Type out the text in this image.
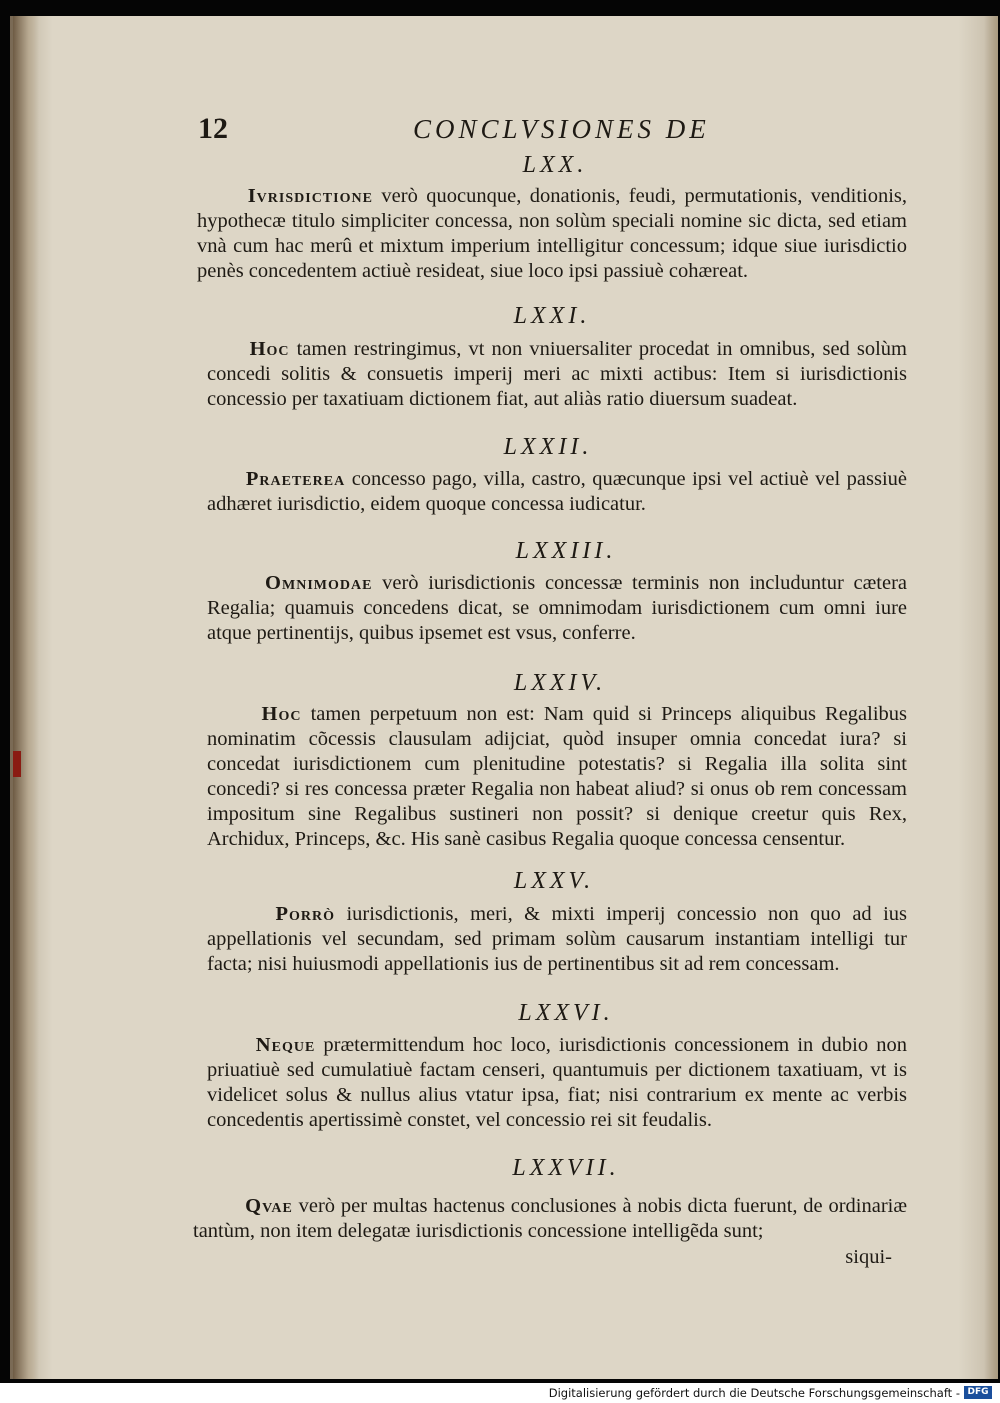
12	CONCLVSIONES DE
LXX.
Ivrisdictione verò quocunque, donationis, feudi, permutationis, venditionis, hypothecæ titulo simpliciter concessa, non solùm speciali nomine sic dicta, sed etiam vnà cum hac merû et mixtum imperium intelligitur concessum; idque siue iurisdictio penès concedentem actiuè resideat, siue loco ipsi passiuè cohæreat.
LXXI.
Hoc tamen restringimus, vt non vniuersaliter procedat in omnibus, sed solùm concedi solitis & consuetis imperij meri ac mixti actibus: Item si iurisdictionis concessio per taxatiuam dictionem fiat, aut aliàs ratio diuersum suadeat.
LXXII.
Praeterea concesso pago, villa, castro, quæcunque ipsi vel actiuè vel passiuè adhæret iurisdictio, eidem quoque concessa iudicatur.
LXXIII.
Omnimodae verò iurisdictionis concessæ terminis non includuntur cætera Regalia; quamuis concedens dicat, se omnimodam iurisdictionem cum omni iure atque pertinentijs, quibus ipsemet est vsus, conferre.
LXXIV.
Hoc tamen perpetuum non est: Nam quid si Princeps aliquibus Regalibus nominatim cõcessis clausulam adijciat, quòd insuper omnia concedat iura? si concedat iurisdictionem cum plenitudine potestatis? si Regalia illa solita sint concedi? si res concessa præter Regalia non habeat aliud? si onus ob rem concessam impositum sine Regalibus sustineri non possit? si denique creetur quis Rex, Archidux, Princeps, &c. His sanè casibus Regalia quoque concessa censentur.
LXXV.
Porrò iurisdictionis, meri, & mixti imperij concessio non quo ad ius appellationis vel secundam, sed primam solùm causarum instantiam intelligi tur facta; nisi huiusmodi appellationis ius de pertinentibus sit ad rem concessam.
LXXVI.
Neque prætermittendum hoc loco, iurisdictionis concessionem in dubio non priuatiuè sed cumulatiuè factam censeri, quantumuis per dictionem taxatiuam, vt is videlicet solus & nullus alius vtatur ipsa, fiat; nisi contrarium ex mente ac verbis concedentis apertissimè constet, vel concessio rei sit feudalis.
LXXVII.
Qvae verò per multas hactenus conclusiones à nobis dicta fuerunt, de ordinariæ tantùm, non item delegatæ iurisdictionis concessione intelligẽda sunt;
siqui-
Digitalisierung gefördert durch die Deutsche Forschungsgemeinschaft - DFG
